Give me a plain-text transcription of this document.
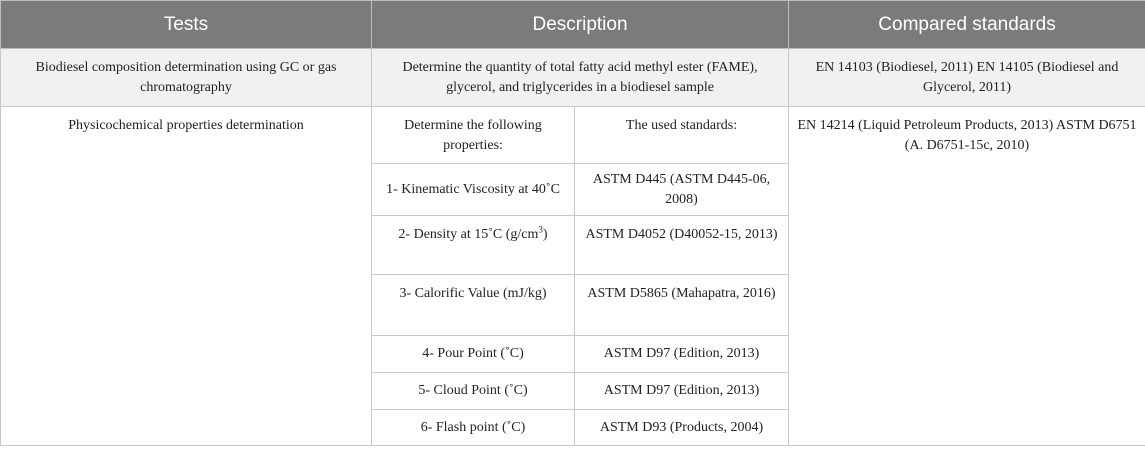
Tests	Description		Compared standards
Biodiesel composition determination using GC or gas chromatography	Determine the quantity of total fatty acid methyl ester (FAME), glycerol, and triglycerides in a biodiesel sample		EN 14103 (Biodiesel, 2011) EN 14105 (Biodiesel and Glycerol, 2011)
Physicochemical properties determination	Determine the following properties:	The used standards:	EN 14214 (Liquid Petroleum Products, 2013) ASTM D6751 (A. D6751-15c, 2010)
	1- Kinematic Viscosity at 40˚C	ASTM D445 (ASTM D445-06, 2008)	
	2- Density at 15˚C $(g/cm^3)$	ASTM D4052 (D40052-15, 2013)	
	3- Calorific Value (mJ/kg)	ASTM D5865 (Mahapatra, 2016)	
	4- Pour Point (˚C)	ASTM D97 (Edition, 2013)	
	5- Cloud Point (˚C)	ASTM D97 (Edition, 2013)	
	6- Flash point (˚C)	ASTM D93 (Products, 2004)	
